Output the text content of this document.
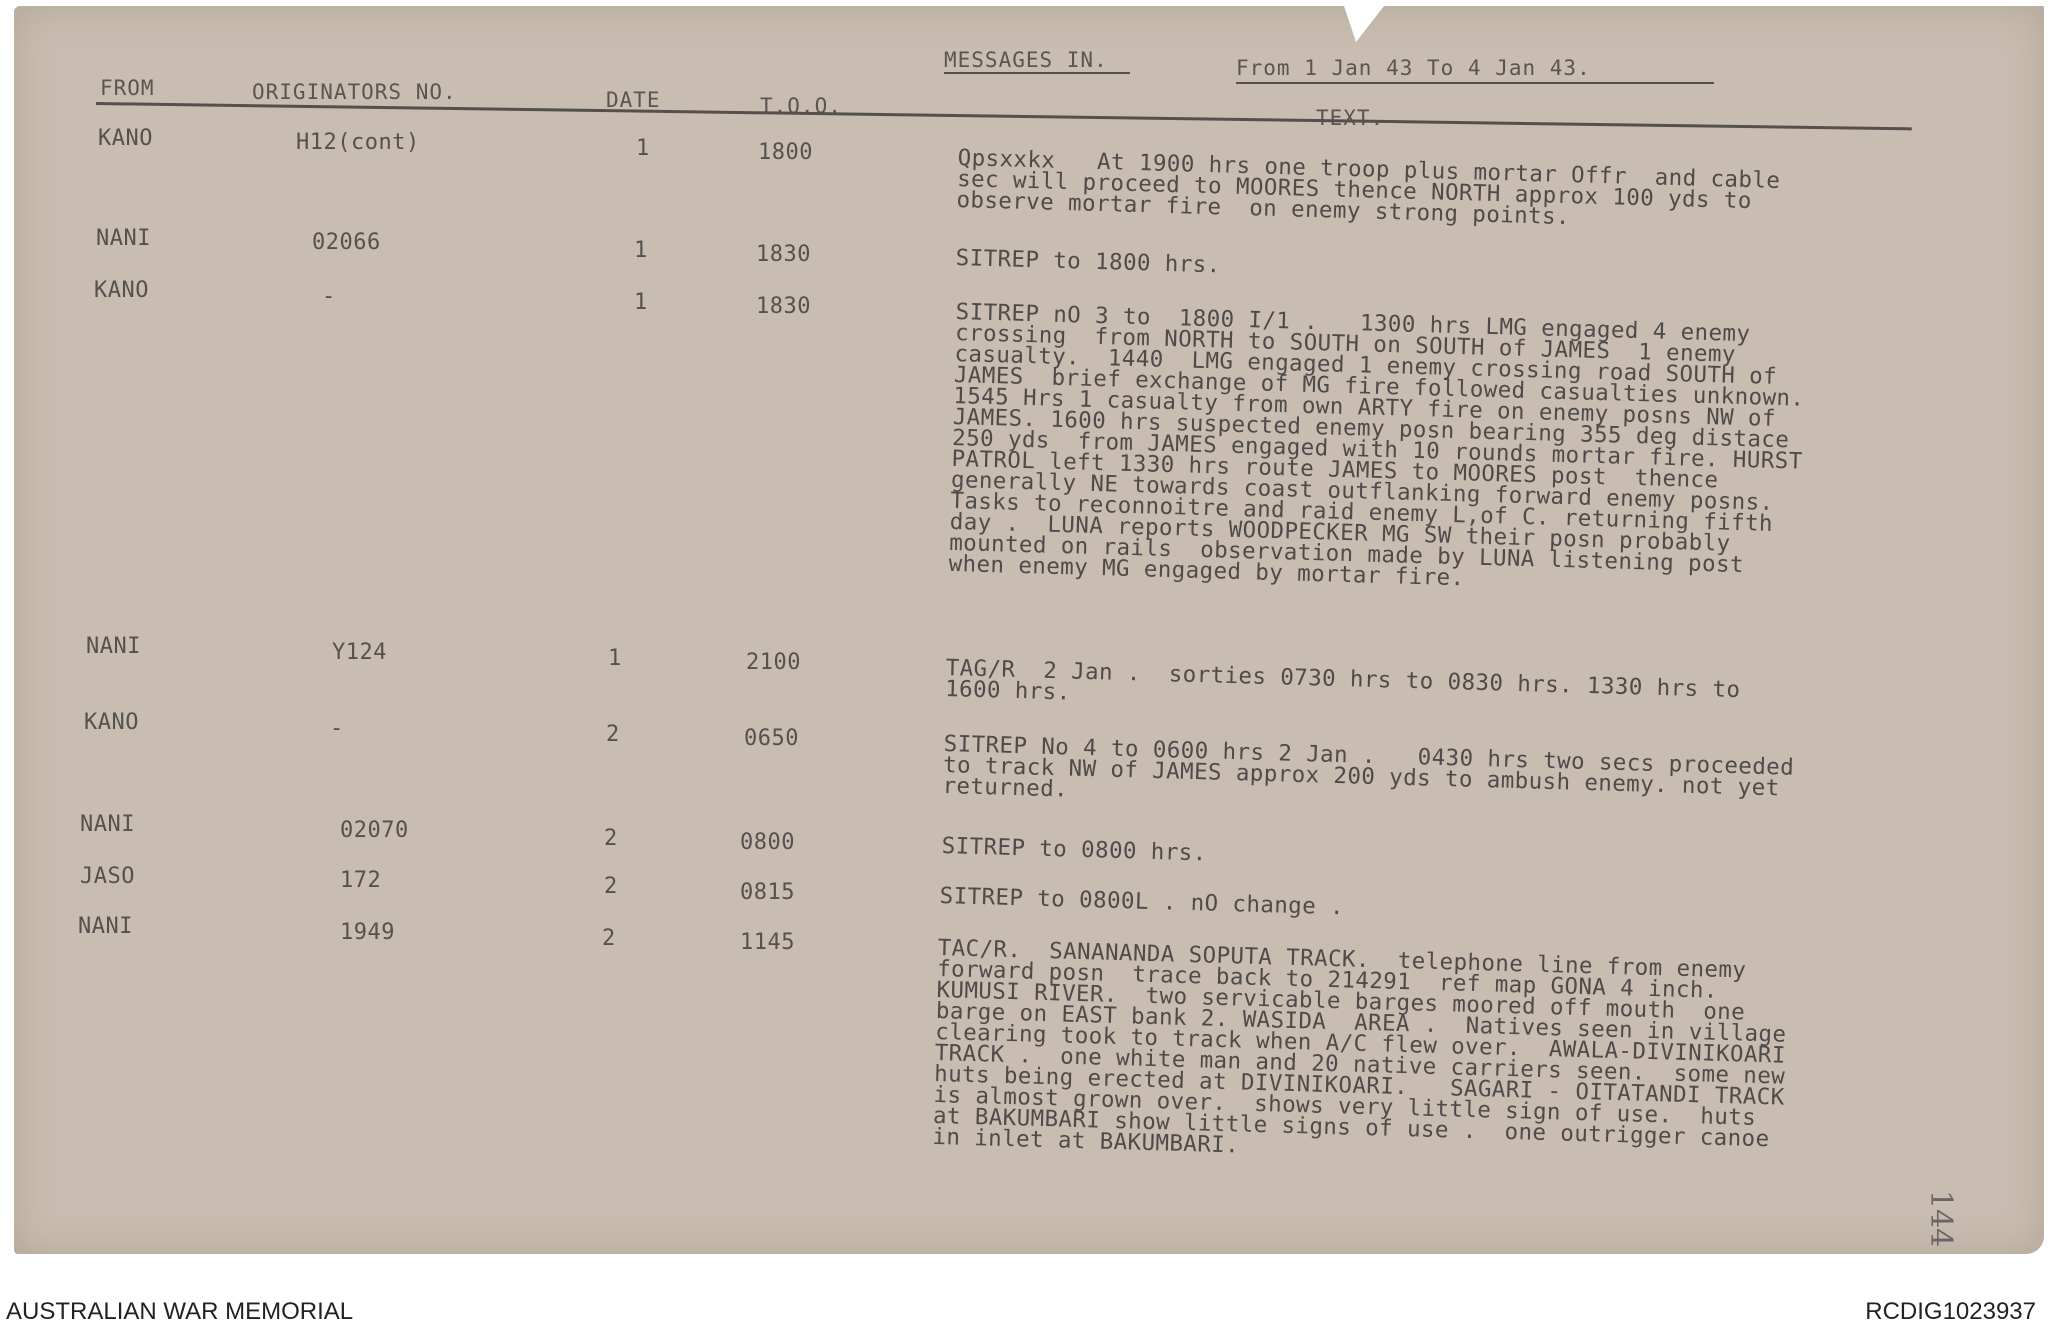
MESSAGES IN.	From 1 Jan 43 To 4 Jan 43.
FROM	ORIGINATORS NO.	DATE	T.O.O.	TEXT.
KANO	H12(cont)	1	1800	Qpsxxkx   At 1900 hrs one troop plus mortar Offr  and cable
sec will proceed to MOORES thence NORTH approx 100 yds to
observe mortar fire  on enemy strong points.
NANI	02066	1	1830	SITREP to 1800 hrs.
KANO	-	1	1830	SITREP nO 3 to  1800 I/1 .   1300 hrs LMG engaged 4 enemy
crossing  from NORTH to SOUTH on SOUTH of JAMES  1 enemy
casualty.  1440  LMG engaged 1 enemy crossing road SOUTH of
JAMES  brief exchange of MG fire followed casualties unknown.
1545 Hrs 1 casualty from own ARTY fire on enemy posns NW of
JAMES. 1600 hrs suspected enemy posn bearing 355 deg distace
250 yds  from JAMES engaged with 10 rounds mortar fire. HURST
PATROL left 1330 hrs route JAMES to MOORES post  thence
generally NE towards coast outflanking forward enemy posns.
Tasks to reconnoitre and raid enemy L,of C. returning fifth
day .  LUNA reports WOODPECKER MG SW their posn probably
mounted on rails  observation made by LUNA listening post
when enemy MG engaged by mortar fire.
NANI	Y124	1	2100	TAG/R  2 Jan .  sorties 0730 hrs to 0830 hrs. 1330 hrs to
1600 hrs.
KANO	-	2	0650	SITREP No 4 to 0600 hrs 2 Jan .   0430 hrs two secs proceeded
to track NW of JAMES approx 200 yds to ambush enemy. not yet
returned.
NANI	02070	2	0800	SITREP to 0800 hrs.
JASO	172	2	0815	SITREP to 0800L . nO change .
NANI	1949	2	1145	TAC/R.  SANANANDA SOPUTA TRACK.  telephone line from enemy
forward posn  trace back to 214291  ref map GONA 4 inch.
KUMUSI RIVER.  two servicable barges moored off mouth  one
barge on EAST bank 2. WASIDA  AREA .  Natives seen in village
clearing took to track when A/C flew over.  AWALA-DIVINIKOARI
TRACK .  one white man and 20 native carriers seen.  some new
huts being erected at DIVINIKOARI.   SAGARI - OITATANDI TRACK
is almost grown over.  shows very little sign of use.  huts
at BAKUMBARI show little signs of use .  one outrigger canoe
in inlet at BAKUMBARI.
144
AUSTRALIAN WAR MEMORIAL	RCDIG1023937
